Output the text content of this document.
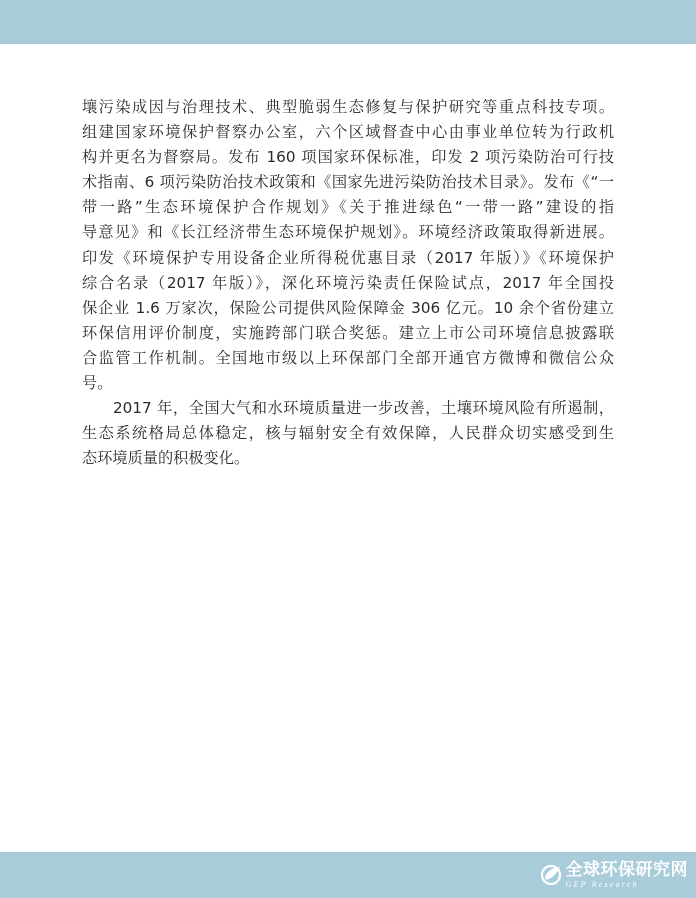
壤污染成因与治理技术、典型脆弱生态修复与保护研究等重点科技专项。
组建国家环境保护督察办公室，六个区域督查中心由事业单位转为行政机
构并更名为督察局。发布 160 项国家环保标准，印发 2 项污染防治可行技
术指南、6 项污染防治技术政策和《国家先进污染防治技术目录》。发布《“一
带一路”生态环境保护合作规划》《关于推进绿色“一带一路”建设的指
导意见》和《长江经济带生态环境保护规划》。环境经济政策取得新进展。
印发《环境保护专用设备企业所得税优惠目录（2017 年版）》《环境保护
综合名录（2017 年版）》，深化环境污染责任保险试点，2017 年全国投
保企业 1.6 万家次，保险公司提供风险保障金 306 亿元。10 余个省份建立
环保信用评价制度，实施跨部门联合奖惩。建立上市公司环境信息披露联
合监管工作机制。全国地市级以上环保部门全部开通官方微博和微信公众
号。
2017 年，全国大气和水环境质量进一步改善，土壤环境风险有所遏制，
生态系统格局总体稳定，核与辐射安全有效保障，人民群众切实感受到生
态环境质量的积极变化。
全球环保研究网
GEP Research
